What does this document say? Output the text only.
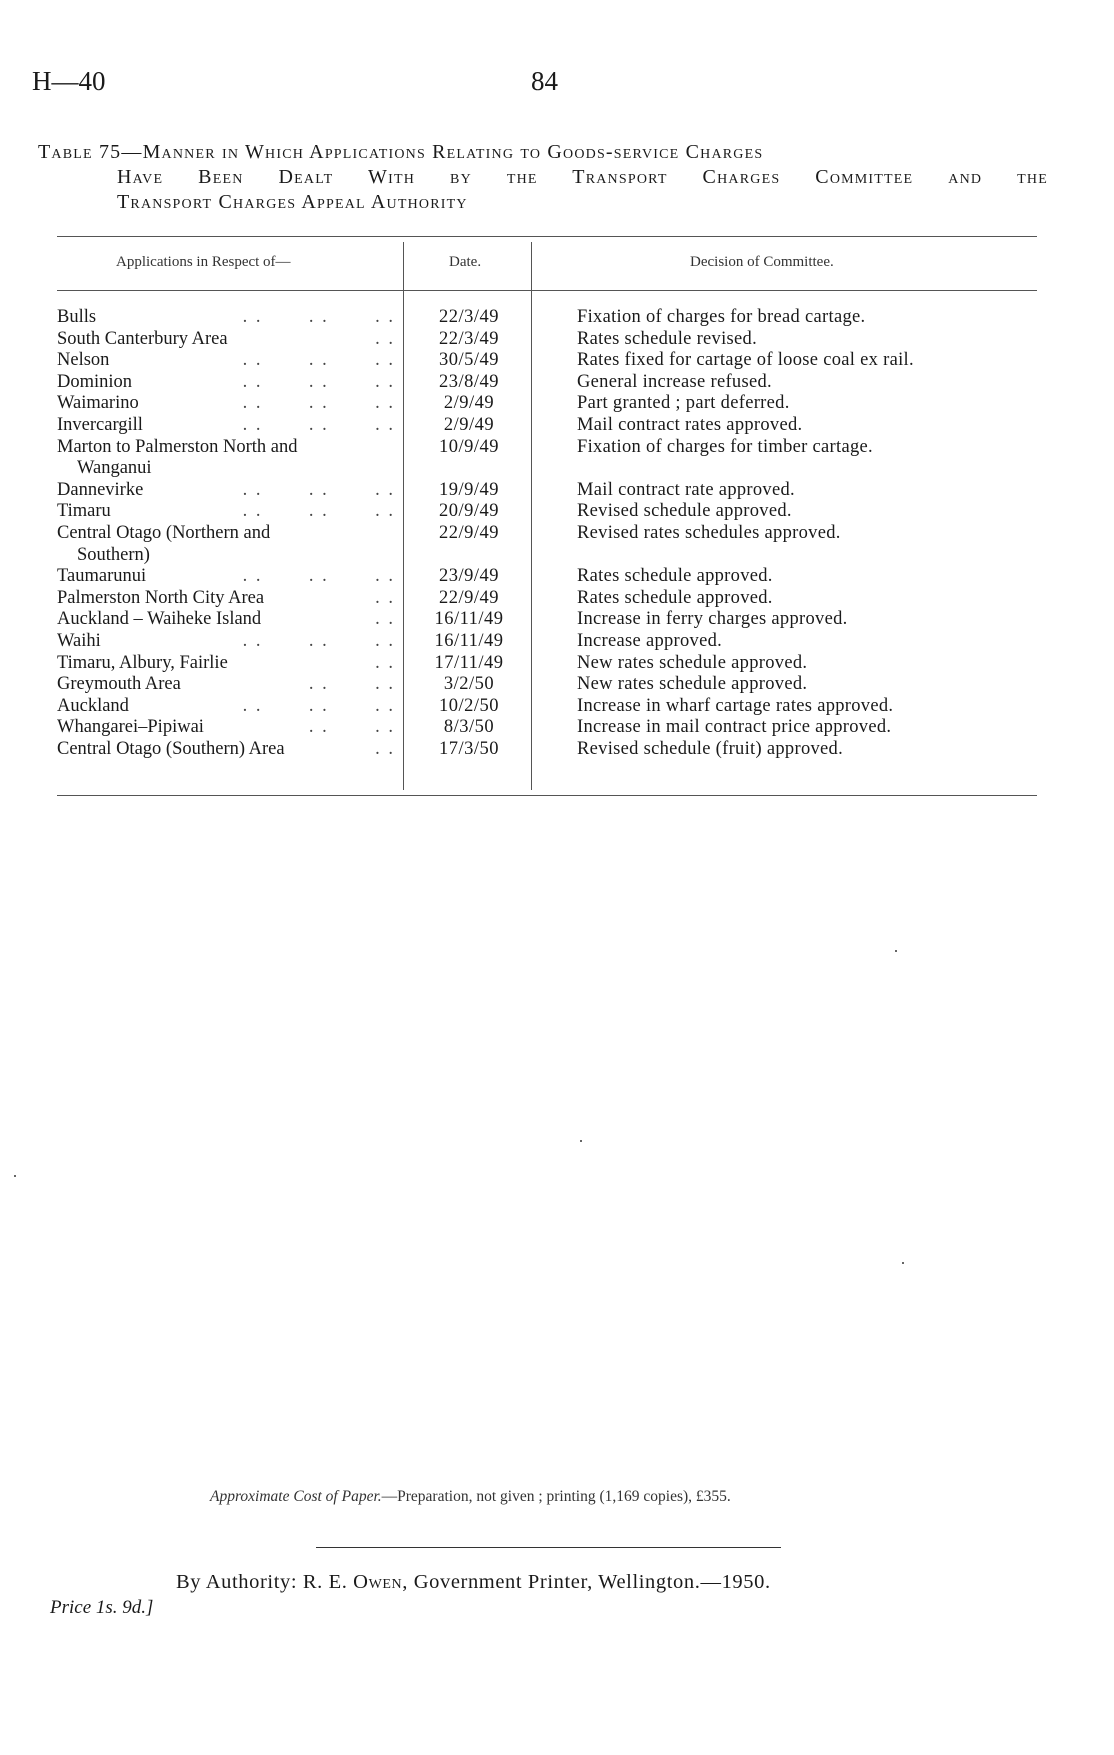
H—40	84
Table 75—Manner in Which Applications Relating to Goods-service Charges
Have Been Dealt With by the Transport Charges Committee and the
Transport Charges Appeal Authority
Applications in Respect of—	Date.	Decision of Committee.
Bulls	. .       . .       . .	22/3/49	Fixation of charges for bread cartage.
South Canterbury Area	. .	22/3/49	Rates schedule revised.
Nelson	. .       . .       . .	30/5/49	Rates fixed for cartage of loose coal ex rail.
Dominion	. .       . .       . .	23/8/49	General increase refused.
Waimarino	. .       . .       . .	2/9/49	Part granted ; part deferred.
Invercargill	. .       . .       . .	2/9/49	Mail contract rates approved.
Marton to Palmerston North and
Wanganui
10/9/49	Fixation of charges for timber cartage.
Dannevirke	. .       . .       . .	19/9/49	Mail contract rate approved.
Timaru	. .       . .       . .	20/9/49	Revised schedule approved.
Central Otago (Northern and
Southern)
22/9/49	Revised rates schedules approved.
Taumarunui	. .       . .       . .	23/9/49	Rates schedule approved.
Palmerston North City Area	. .	22/9/49	Rates schedule approved.
Auckland – Waiheke Island	. .	16/11/49	Increase in ferry charges approved.
Waihi	. .       . .       . .	16/11/49	Increase approved.
Timaru, Albury, Fairlie	. .	17/11/49	New rates schedule approved.
Greymouth Area	. .       . .	3/2/50	New rates schedule approved.
Auckland	. .       . .       . .	10/2/50	Increase in wharf cartage rates approved.
Whangarei–Pipiwai	. .       . .	8/3/50	Increase in mail contract price approved.
Central Otago (Southern) Area	. .	17/3/50	Revised schedule (fruit) approved.
Approximate Cost of Paper.—Preparation, not given ; printing (1,169 copies), £355.
By Authority: R. E. Owen, Government Printer, Wellington.—1950.
Price 1s. 9d.]
